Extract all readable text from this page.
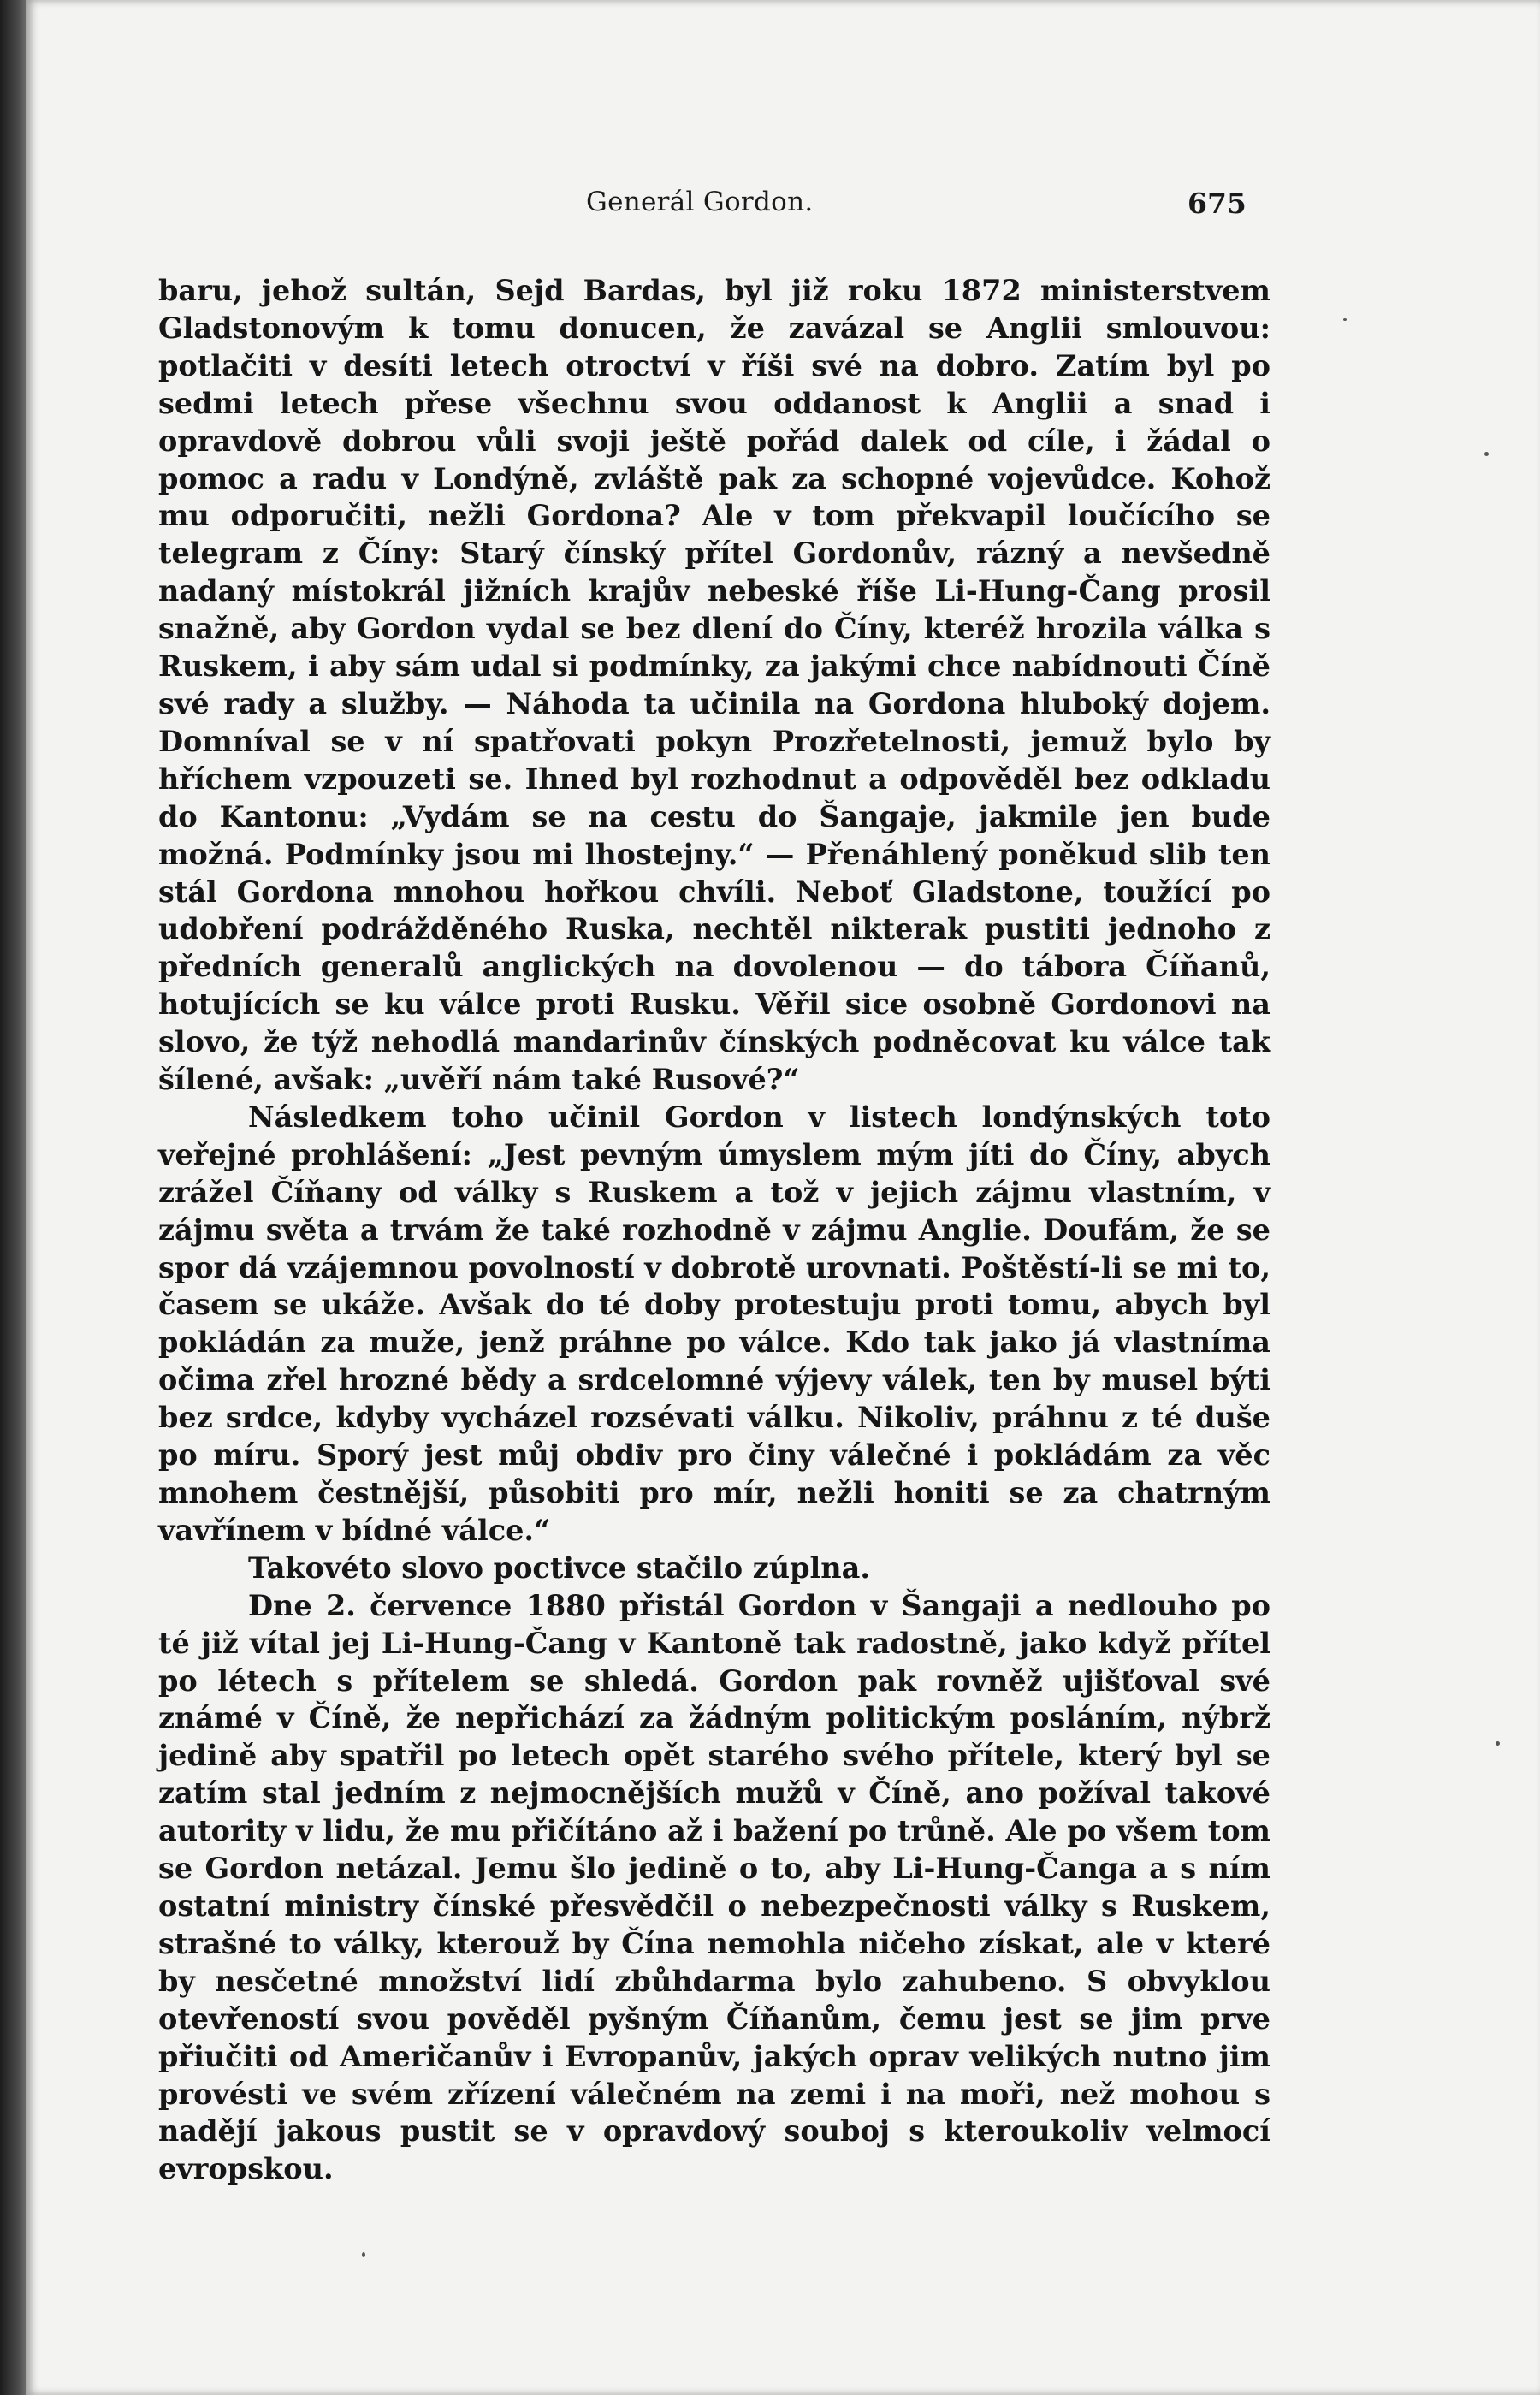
Generál Gordon.	675

baru, jehož sultán, Sejd Bardas, byl již roku 1872 ministerstvem Gladstonovým k tomu donucen, že zavázal se Anglii smlouvou: potlačiti v desíti letech otroctví v říši své na dobro. Zatím byl po sedmi letech přese všechnu svou oddanost k Anglii a snad i opravdově dobrou vůli svoji ještě pořád dalek od cíle, i žádal o pomoc a radu v Londýně, zvláště pak za schopné vojevůdce. Kohož mu odporučiti, nežli Gordona? Ale v tom překvapil loučícího se telegram z Číny: Starý čínský přítel Gordonův, rázný a nevšedně nadaný místokrál jižních krajův nebeské říše Li-Hung-Čang prosil snažně, aby Gordon vydal se bez dlení do Číny, kteréž hrozila válka s Ruskem, i aby sám udal si podmínky, za jakými chce nabídnouti Číně své rady a služby. — Náhoda ta učinila na Gordona hluboký dojem. Domníval se v ní spatřovati pokyn Prozřetelnosti, jemuž bylo by hříchem vzpouzeti se. Ihned byl rozhodnut a odpověděl bez odkladu do Kantonu: „Vydám se na cestu do Šangaje, jakmile jen bude možná. Podmínky jsou mi lhostejny.“ — Přenáhlený poněkud slib ten stál Gordona mnohou hořkou chvíli. Neboť Gladstone, toužící po udobření podrážděného Ruska, nechtěl nikterak pustiti jednoho z předních generalů anglických na dovolenou — do tábora Číňanů, hotujících se ku válce proti Rusku. Věřil sice osobně Gordonovi na slovo, že týž nehodlá mandarinův čínských podněcovat ku válce tak šílené, avšak: „uvěří nám také Rusové?“

Následkem toho učinil Gordon v listech londýnských toto veřejné prohlášení: „Jest pevným úmyslem mým jíti do Číny, abych zrážel Číňany od války s Ruskem a tož v jejich zájmu vlastním, v zájmu světa a trvám že také rozhodně v zájmu Anglie. Doufám, že se spor dá vzájemnou povolností v dobrotě urovnati. Poštěstí-li se mi to, časem se ukáže. Avšak do té doby protestuju proti tomu, abych byl pokládán za muže, jenž práhne po válce. Kdo tak jako já vlastníma očima zřel hrozné bědy a srdcelomné výjevy válek, ten by musel býti bez srdce, kdyby vycházel rozsévati válku. Nikoliv, práhnu z té duše po míru. Sporý jest můj obdiv pro činy válečné i pokládám za věc mnohem čestnější, působiti pro mír, nežli honiti se za chatrným vavřínem v bídné válce.“

Takovéto slovo poctivce stačilo zúplna.

Dne 2. července 1880 přistál Gordon v Šangaji a nedlouho po té již vítal jej Li-Hung-Čang v Kantoně tak radostně, jako když přítel po létech s přítelem se shledá. Gordon pak rovněž ujišťoval své známé v Číně, že nepřichází za žádným politickým posláním, nýbrž jedině aby spatřil po letech opět starého svého přítele, který byl se zatím stal jedním z nejmocnějších mužů v Číně, ano požíval takové autority v lidu, že mu přičítáno až i bažení po trůně. Ale po všem tom se Gordon netázal. Jemu šlo jedině o to, aby Li-Hung-Čanga a s ním ostatní ministry čínské přesvědčil o nebezpečnosti války s Ruskem, strašné to války, kterouž by Čína nemohla ničeho získat, ale v které by nesčetné množství lidí zbůhdarma bylo zahubeno. S obvyklou otevřeností svou pověděl pyšným Číňanům, čemu jest se jim prve přiučiti od Američanův i Evropanův, jakých oprav velikých nutno jim provésti ve svém zřízení válečném na zemi i na moři, než mohou s nadějí jakous pustit se v opravdový souboj s kteroukoliv velmocí evropskou.
